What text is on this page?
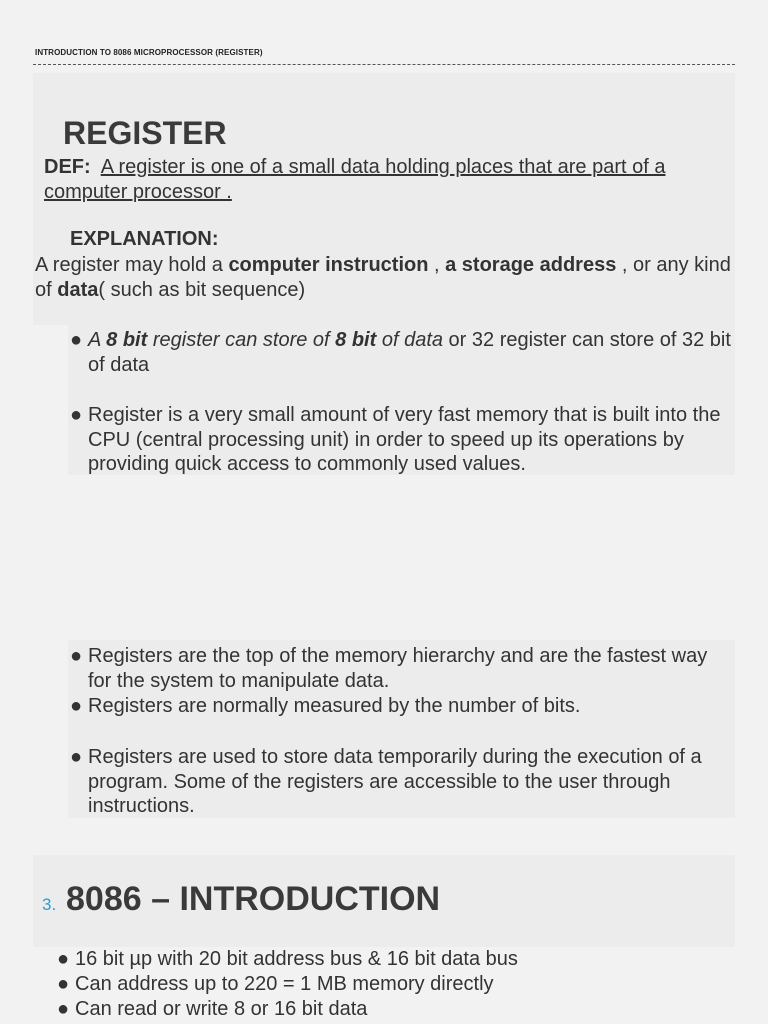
INTRODUCTION TO 8086 MICROPROCESSOR (REGISTER)
REGISTER
DEF: A register is one of a small data holding places that are part of a computer processor .
EXPLANATION:
A register may hold a computer instruction , a storage address , or any kind of data( such as bit sequence)
● A 8 bit register can store of 8 bit of data or 32 register can store of 32 bit of data
● Register is a very small amount of very fast memory that is built into the CPU (central processing unit) in order to speed up its operations by providing quick access to commonly used values.
● Registers are the top of the memory hierarchy and are the fastest way for the system to manipulate data.
● Registers are normally measured by the number of bits.
● Registers are used to store data temporarily during the execution of a program. Some of the registers are accessible to the user through instructions.
3. 8086 – INTRODUCTION
● 16 bit µp with 20 bit address bus & 16 bit data bus
● Can address up to 220 = 1 MB memory directly
● Can read or write 8 or 16 bit data
